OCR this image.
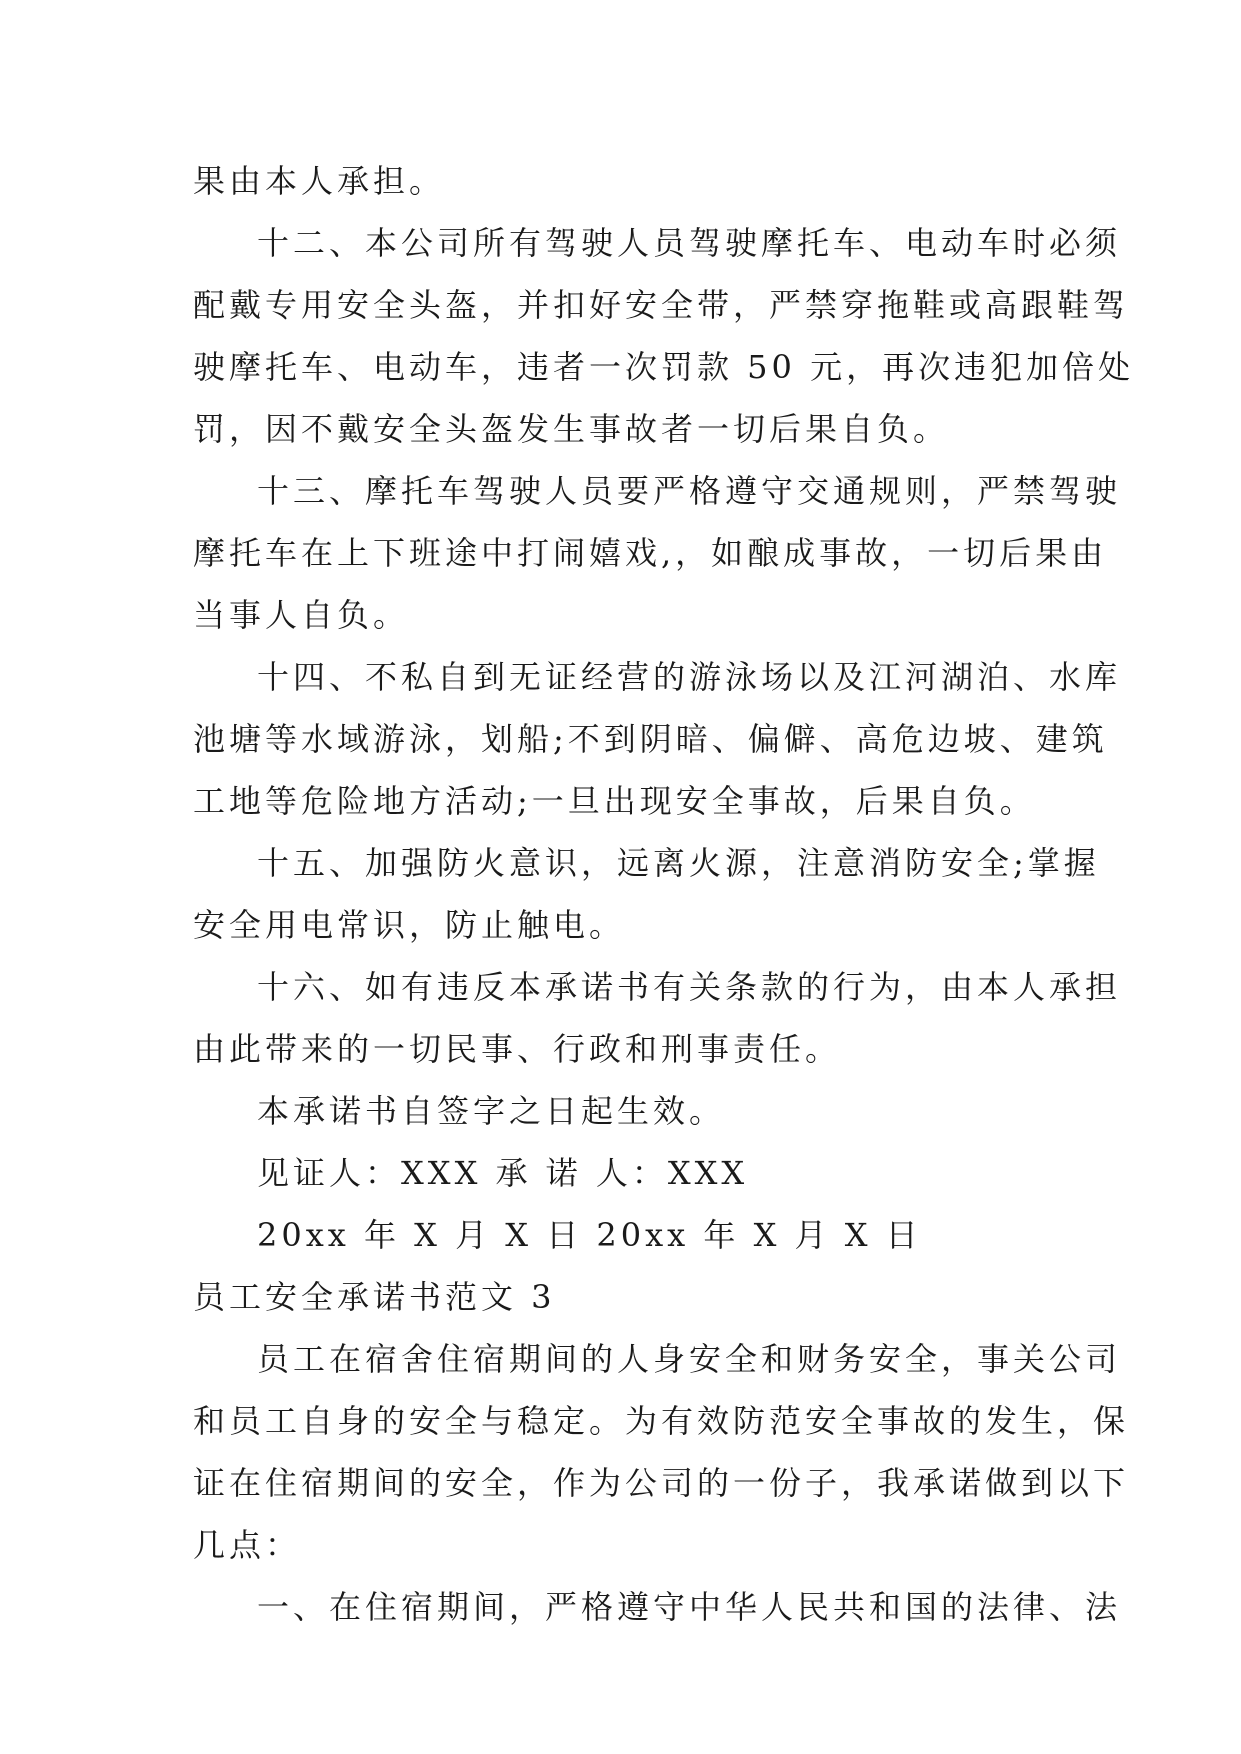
果由本人承担。

十二、本公司所有驾驶人员驾驶摩托车、电动车时必须

配戴专用安全头盔，并扣好安全带，严禁穿拖鞋或高跟鞋驾

驶摩托车、电动车，违者一次罚款 50 元，再次违犯加倍处

罚，因不戴安全头盔发生事故者一切后果自负。

十三、摩托车驾驶人员要严格遵守交通规则，严禁驾驶

摩托车在上下班途中打闹嬉戏,，如酿成事故，一切后果由

当事人自负。

十四、不私自到无证经营的游泳场以及江河湖泊、水库

池塘等水域游泳，划船;不到阴暗、偏僻、高危边坡、建筑

工地等危险地方活动;一旦出现安全事故，后果自负。

十五、加强防火意识，远离火源，注意消防安全;掌握

安全用电常识，防止触电。

十六、如有违反本承诺书有关条款的行为，由本人承担

由此带来的一切民事、行政和刑事责任。

本承诺书自签字之日起生效。

见证人：XXX 承 诺 人：XXX

20xx 年 X 月 X 日 20xx 年 X 月 X 日

员工安全承诺书范文 3

员工在宿舍住宿期间的人身安全和财务安全，事关公司

和员工自身的安全与稳定。为有效防范安全事故的发生，保

证在住宿期间的安全，作为公司的一份子，我承诺做到以下

几点：

一、在住宿期间，严格遵守中华人民共和国的法律、法
